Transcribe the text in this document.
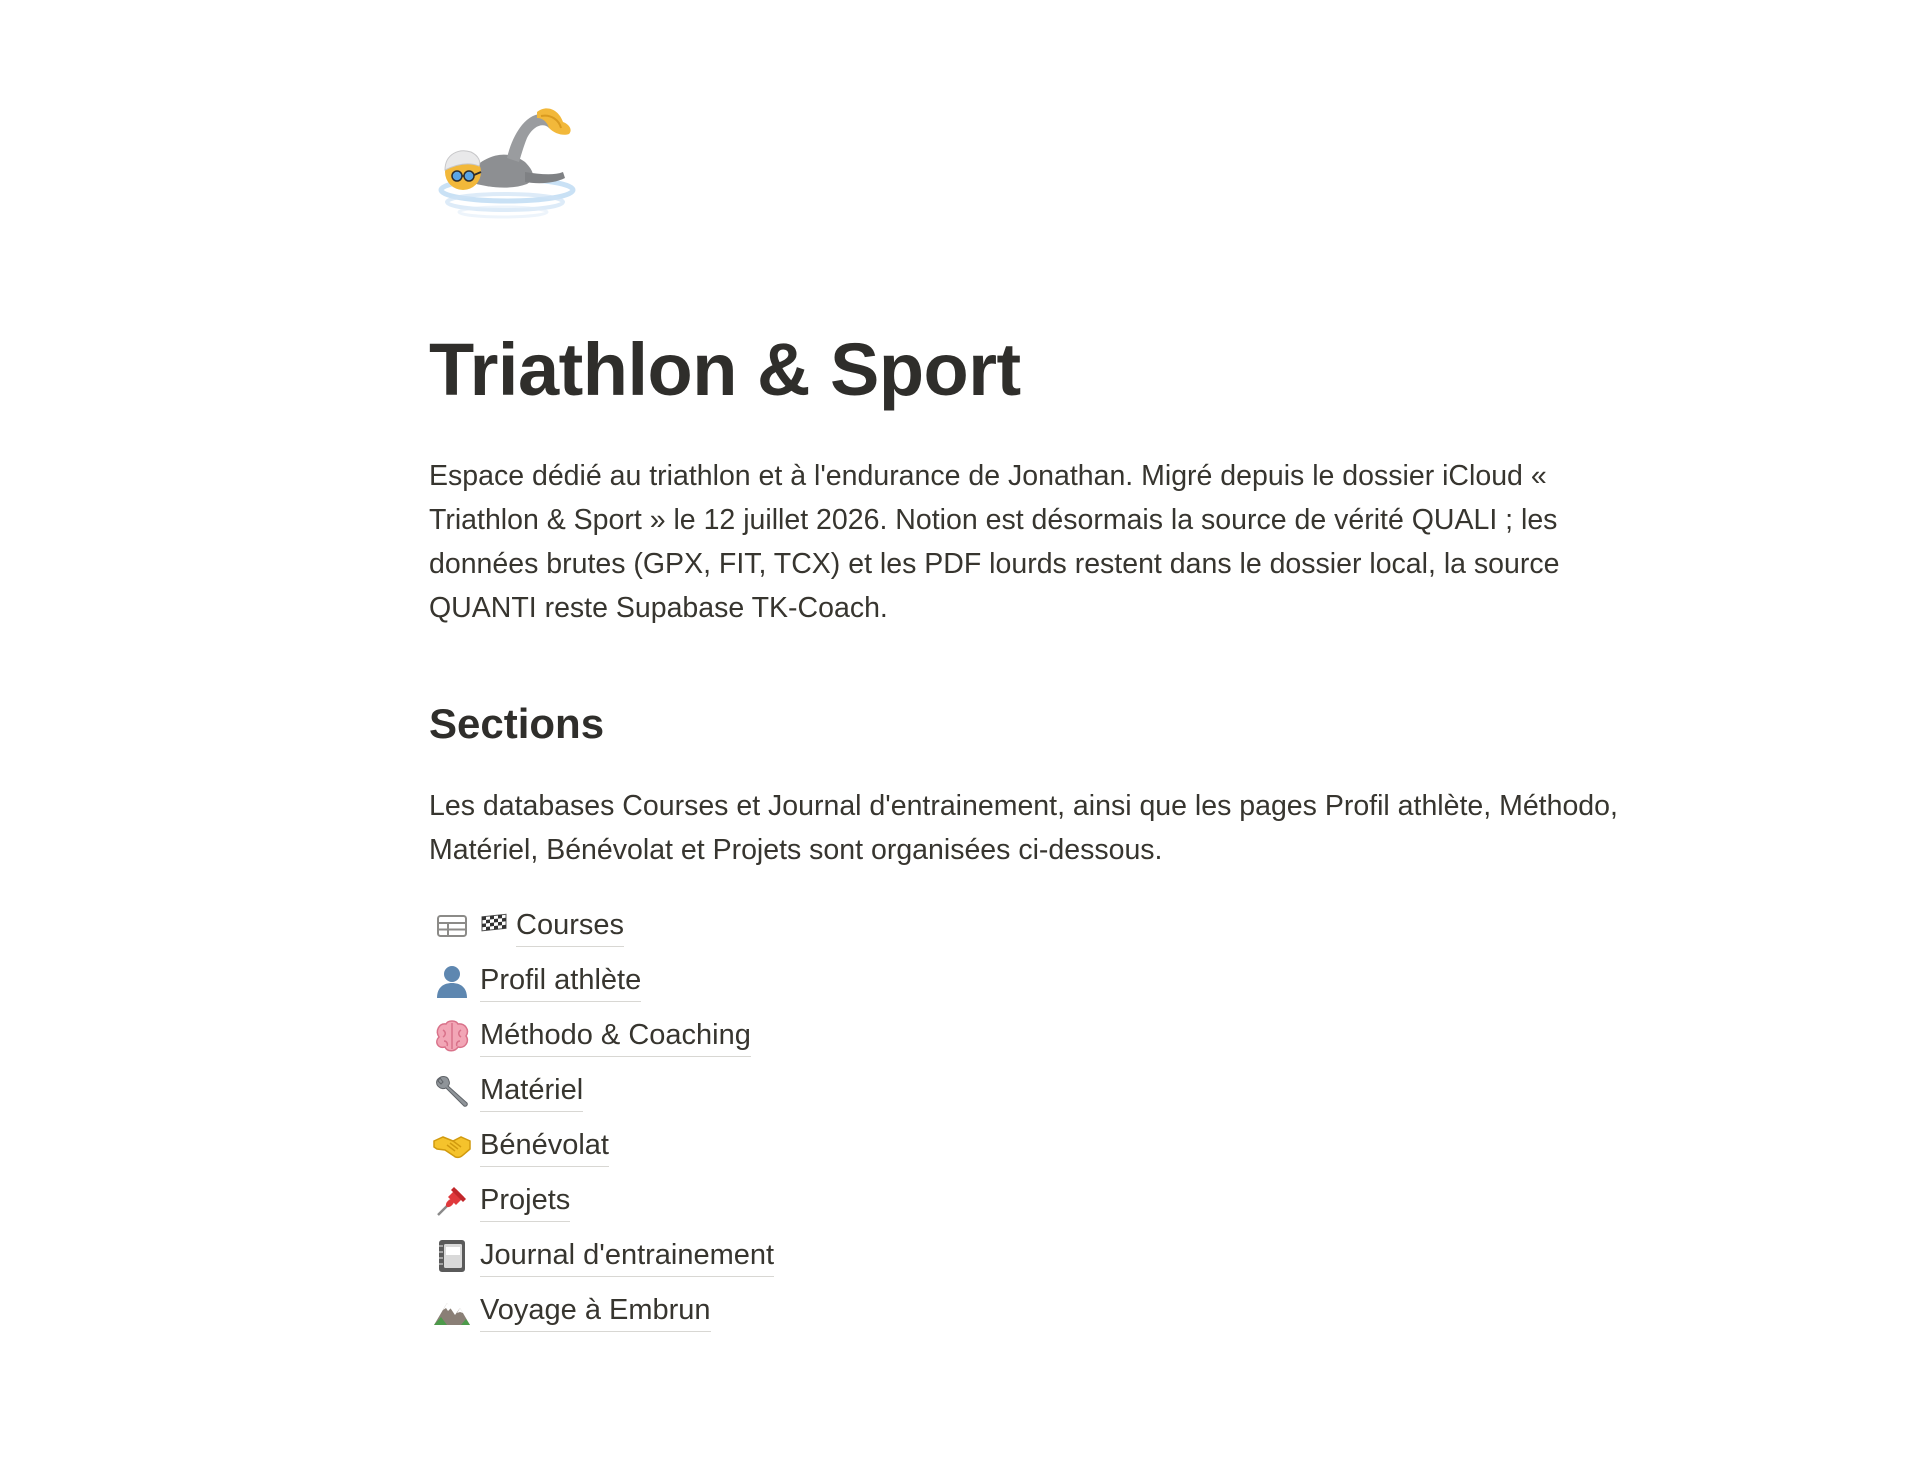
Triathlon & Sport

Espace dédié au triathlon et à l'endurance de Jonathan. Migré depuis le dossier iCloud «
Triathlon & Sport » le 12 juillet 2026. Notion est désormais la source de vérité QUALI ; les
données brutes (GPX, FIT, TCX) et les PDF lourds restent dans le dossier local, la source
QUANTI reste Supabase TK-Coach.

Sections

Les databases Courses et Journal d'entrainement, ainsi que les pages Profil athlète, Méthodo,
Matériel, Bénévolat et Projets sont organisées ci-dessous.

Courses
Profil athlète
Méthodo & Coaching
Matériel
Bénévolat
Projets
Journal d'entrainement
Voyage à Embrun
